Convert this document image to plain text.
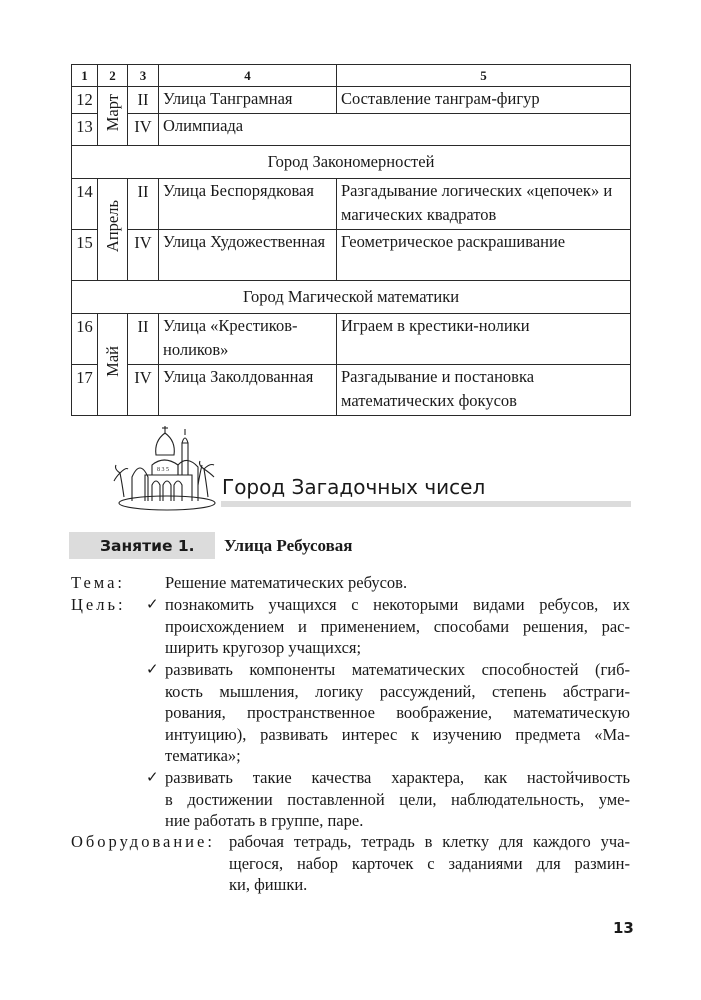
1	2	3	4	5
12	Март	II	Улица Танграмная	Составление танграм-фигур
13		IV	Олимпиада	
Город Закономерностей				
14	Апрель	II	Улица Беспорядковая	Разгадывание логических «цепочек» и магических квадратов
15		IV	Улица Художественная	Геометрическое раскрашивание
Город Магической математики				
16	Май	II	Улица «Крестиков-ноликов»	Играем в крестики-нолики
17		IV	Улица Заколдованная	Разгадывание и постановка математических фокусов
8 3 5
Город Загадочных чисел
Занятие 1. Улица Ребусовая
Тема: Решение математических ребусов.
Цель: ✓ познакомить учащихся с некоторыми видами ребусов, их
происхождением и применением, способами решения, рас-
ширить кругозор учащихся;
✓ развивать компоненты математических способностей (гиб-
кость мышления, логику рассуждений, степень абстраги-
рования, пространственное воображение, математическую
интуицию), развивать интерес к изучению предмета «Ма-
тематика»;
✓ развивать такие качества характера, как настойчивость
в достижении поставленной цели, наблюдательность, уме-
ние работать в группе, паре.
Оборудование: рабочая тетрадь, тетрадь в клетку для каждого уча-
щегося, набор карточек с заданиями для размин-
ки, фишки.
13
